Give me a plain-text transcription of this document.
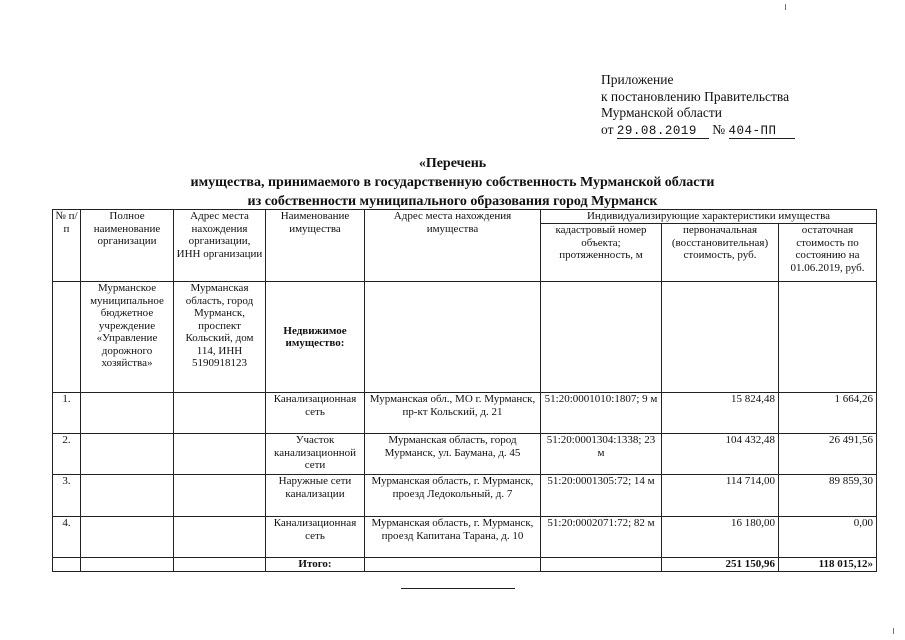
Приложение
к постановлению Правительства
Мурманской области
от 29.08.2019 № 404-ПП
«Перечень
имущества, принимаемого в государственную собственность Мурманской области
из собственности муниципального образования город Мурманск
№ п/п	Полное наименование организации	Адрес места нахождения организации, ИНН организации	Наименование имущества	Адрес места нахождения имущества	Индивидуализирующие характеристики имущества		
					кадастровый номер объекта; протяженность, м	первоначальная (восстановительная) стоимость, руб.	остаточная стоимость по состоянию на 01.06.2019, руб.
	Мурманское муниципальное бюджетное учреждение «Управление дорожного хозяйства»	Мурманская область, город Мурманск, проспект Кольский, дом 114, ИНН 5190918123	Недвижимое имущество:				
1.			Канализационная сеть	Мурманская обл., МО г. Мурманск, пр-кт Кольский, д. 21	51:20:0001010:1807; 9 м	15 824,48	1 664,26
2.			Участок канализационной сети	Мурманская область, город Мурманск, ул. Баумана, д. 45	51:20:0001304:1338; 23 м	104 432,48	26 491,56
3.			Наружные сети канализации	Мурманская область, г. Мурманск, проезд Ледокольный, д. 7	51:20:0001305:72; 14 м	114 714,00	89 859,30
4.			Канализационная сеть	Мурманская область, г. Мурманск, проезд Капитана Тарана, д. 10	51:20:0002071:72; 82 м	16 180,00	0,00
			Итого:			251 150,96	118 015,12»
